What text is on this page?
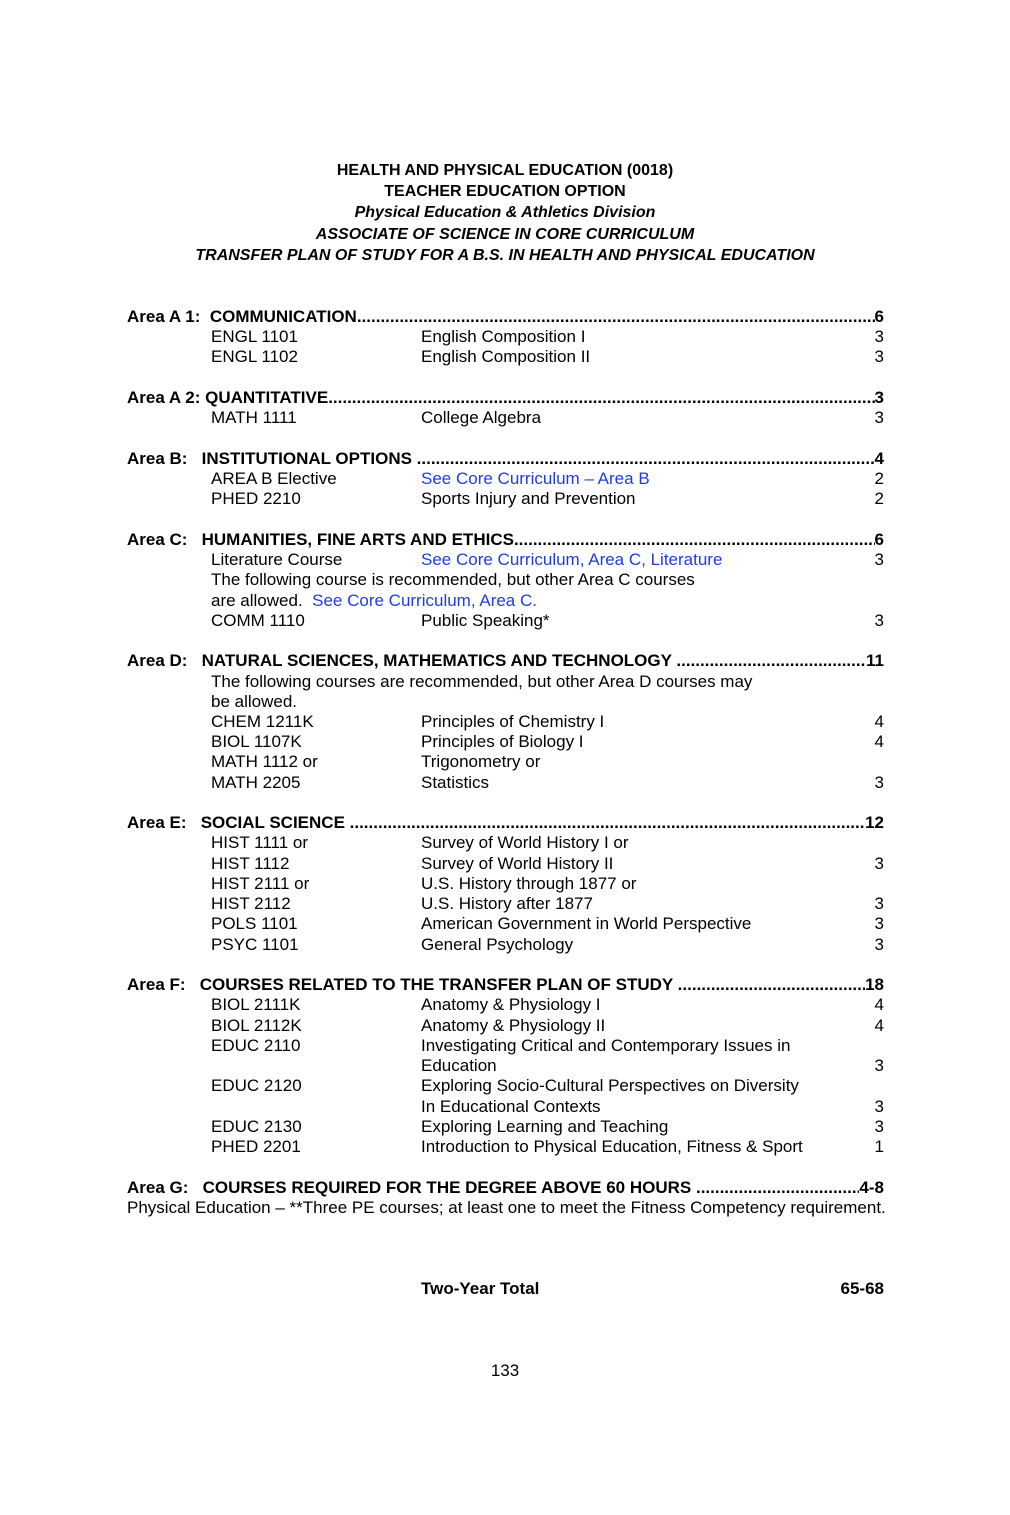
HEALTH AND PHYSICAL EDUCATION (0018)
TEACHER EDUCATION OPTION
Physical Education & Athletics Division
ASSOCIATE OF SCIENCE IN CORE CURRICULUM
TRANSFER PLAN OF STUDY FOR A B.S. IN HEALTH AND PHYSICAL EDUCATION
Area A 1:  COMMUNICATION .....	6
ENGL 1101	English Composition I	3
ENGL 1102	English Composition II	3
Area A 2: QUANTITATIVE .....	3
MATH 1111	College Algebra	3
Area B:   INSTITUTIONAL OPTIONS .....	4
AREA B Elective	See Core Curriculum – Area B	2
PHED 2210	Sports Injury and Prevention	2
Area C:   HUMANITIES, FINE ARTS AND ETHICS .....	6
Literature Course	See Core Curriculum, Area C, Literature	3
The following course is recommended, but other Area C courses
are allowed. See Core Curriculum, Area C.
COMM 1110	Public Speaking*	3
Area D:   NATURAL SCIENCES, MATHEMATICS AND TECHNOLOGY .....	11
The following courses are recommended, but other Area D courses may
be allowed.
CHEM 1211K	Principles of Chemistry I	4
BIOL 1107K	Principles of Biology I	4
MATH 1112 or	Trigonometry or
MATH 2205	Statistics	3
Area E:   SOCIAL SCIENCE .....	12
HIST 1111 or	Survey of World History I or
HIST 1112	Survey of World History II	3
HIST 2111 or	U.S. History through 1877 or
HIST 2112	U.S. History after 1877	3
POLS 1101	American Government in World Perspective	3
PSYC 1101	General Psychology	3
Area F:   COURSES RELATED TO THE TRANSFER PLAN OF STUDY .....	18
BIOL 2111K	Anatomy & Physiology I	4
BIOL 2112K	Anatomy & Physiology II	4
EDUC 2110	Investigating Critical and Contemporary Issues in
Education	3
EDUC 2120	Exploring Socio-Cultural Perspectives on Diversity
In Educational Contexts	3
EDUC 2130	Exploring Learning and Teaching	3
PHED 2201	Introduction to Physical Education, Fitness & Sport	1
Area G:   COURSES REQUIRED FOR THE DEGREE ABOVE 60 HOURS .....	4-8
Physical Education – **Three PE courses; at least one to meet the Fitness Competency requirement.
Two-Year Total	65-68
133
